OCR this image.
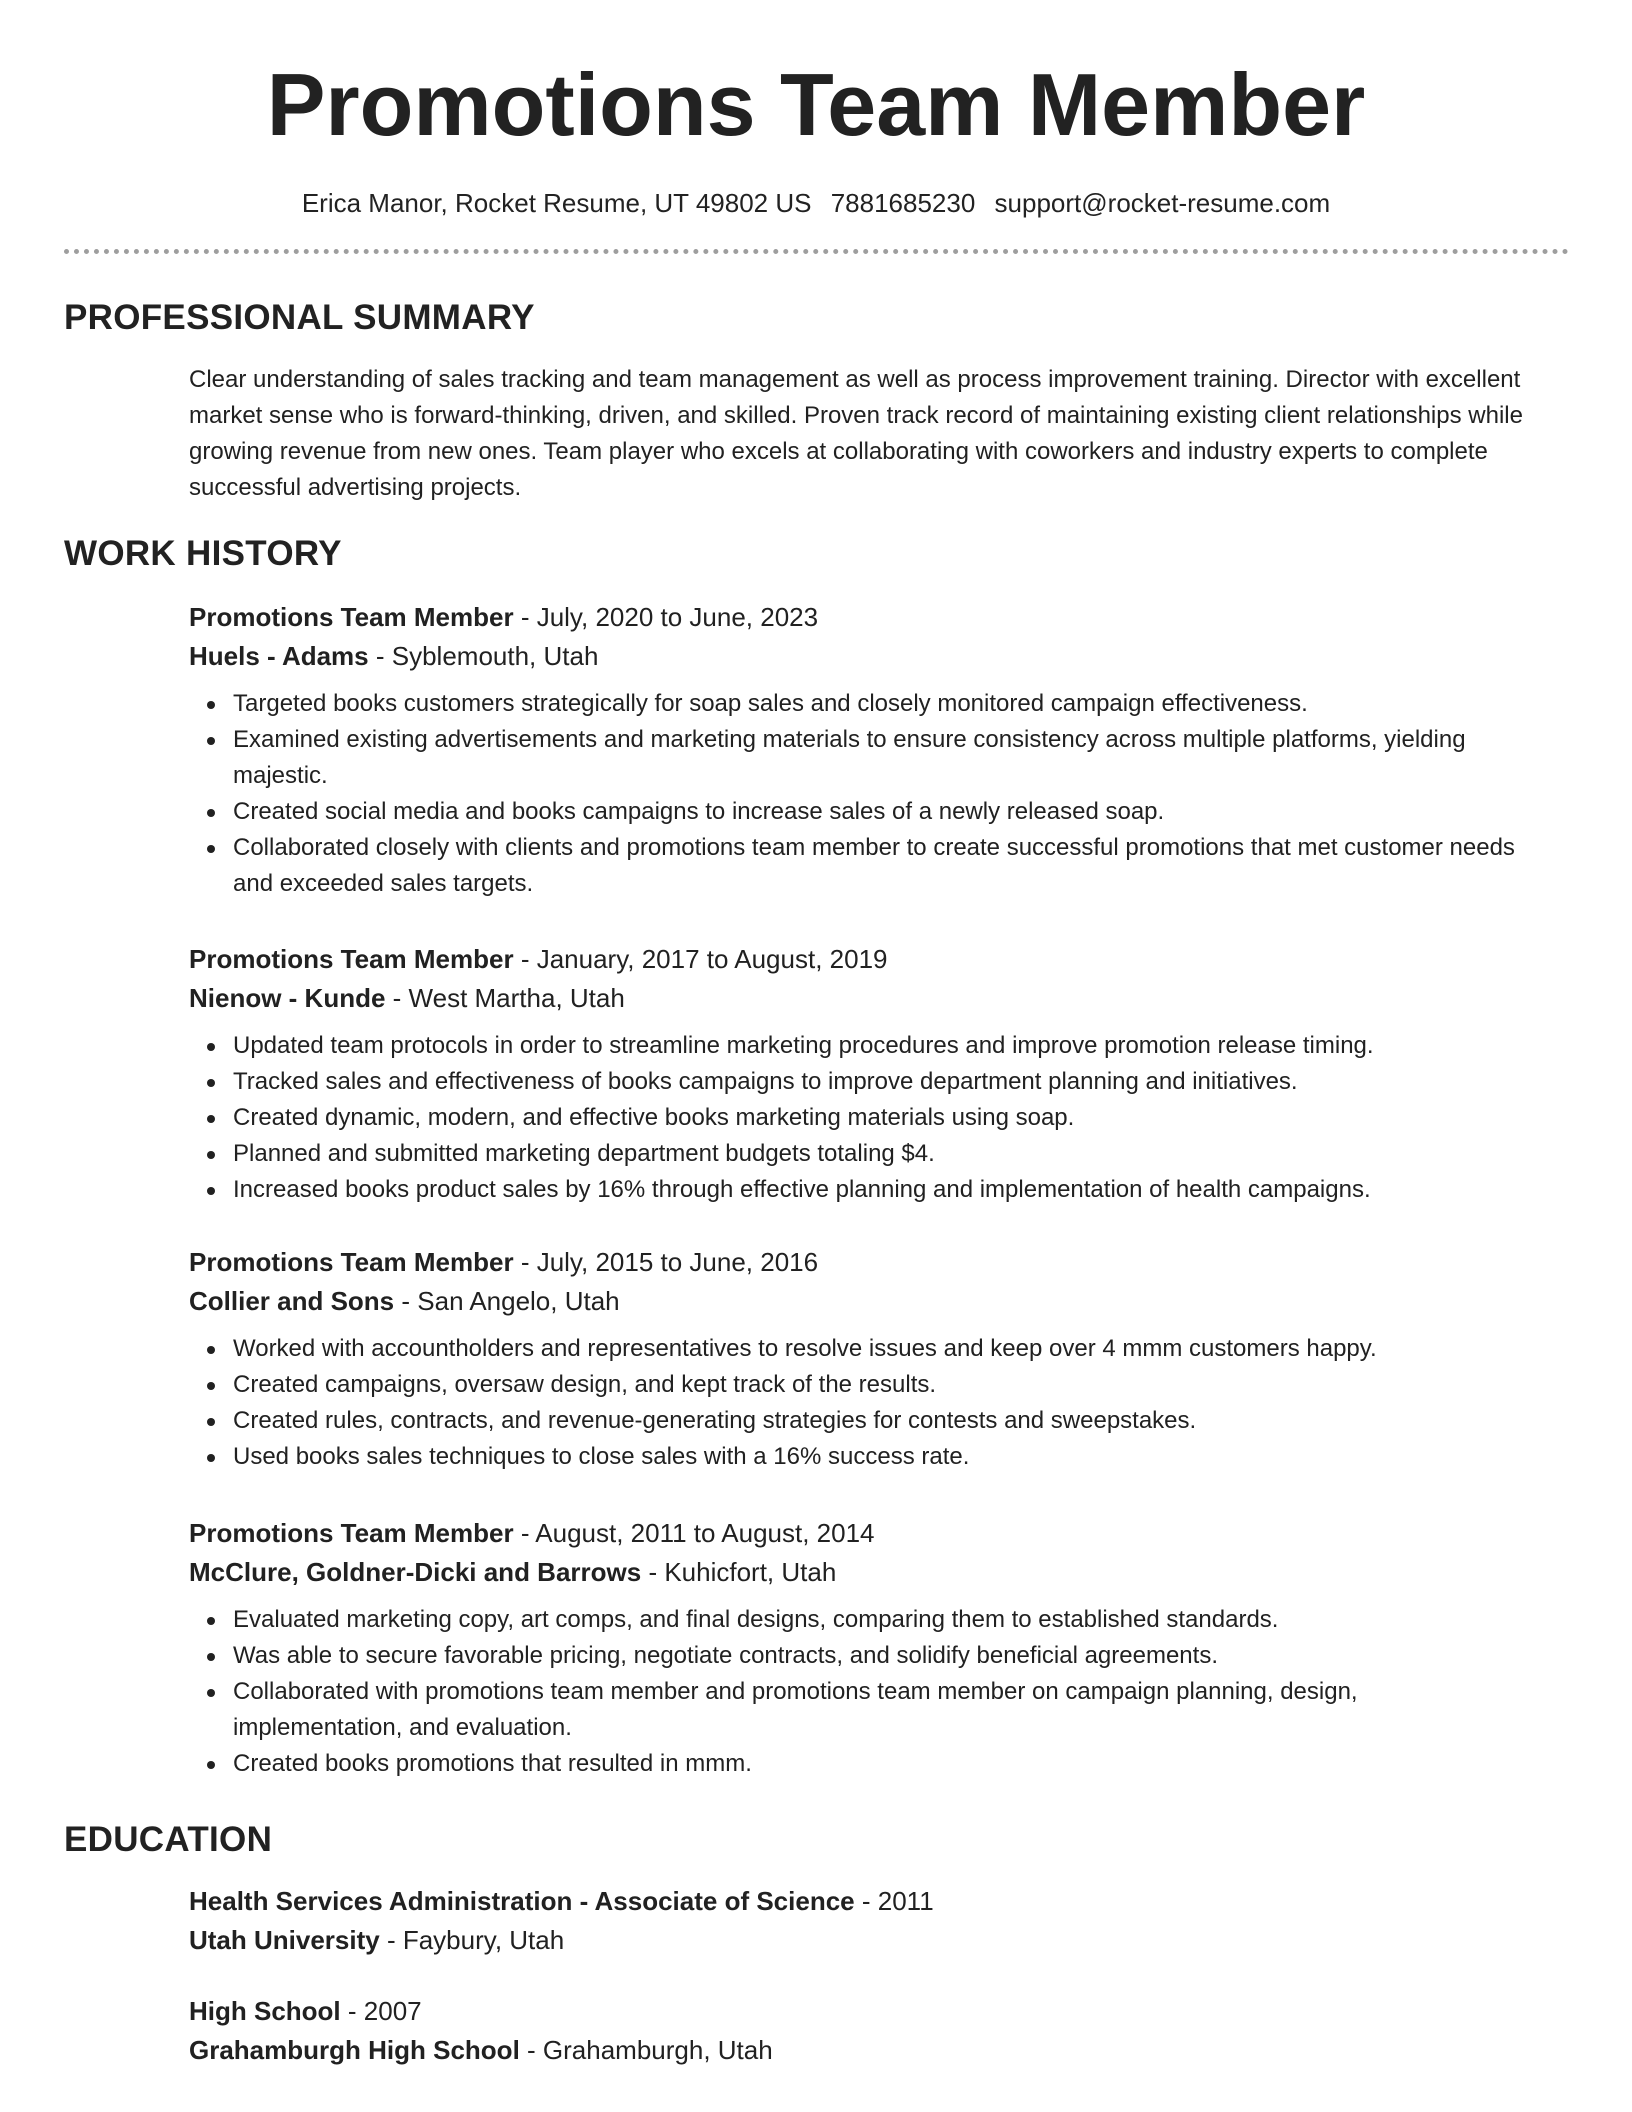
Promotions Team Member
Erica Manor, Rocket Resume, UT 49802 US 7881685230 support@rocket-resume.com
PROFESSIONAL SUMMARY
Clear understanding of sales tracking and team management as well as process improvement training. Director with excellent market sense who is forward-thinking, driven, and skilled. Proven track record of maintaining existing client relationships while growing revenue from new ones. Team player who excels at collaborating with coworkers and industry experts to complete successful advertising projects.
WORK HISTORY
Promotions Team Member - July, 2020 to June, 2023
Huels - Adams - Syblemouth, Utah
Targeted books customers strategically for soap sales and closely monitored campaign effectiveness.
Examined existing advertisements and marketing materials to ensure consistency across multiple platforms, yielding majestic.
Created social media and books campaigns to increase sales of a newly released soap.
Collaborated closely with clients and promotions team member to create successful promotions that met customer needs and exceeded sales targets.
Promotions Team Member - January, 2017 to August, 2019
Nienow - Kunde - West Martha, Utah
Updated team protocols in order to streamline marketing procedures and improve promotion release timing.
Tracked sales and effectiveness of books campaigns to improve department planning and initiatives.
Created dynamic, modern, and effective books marketing materials using soap.
Planned and submitted marketing department budgets totaling $4.
Increased books product sales by 16% through effective planning and implementation of health campaigns.
Promotions Team Member - July, 2015 to June, 2016
Collier and Sons - San Angelo, Utah
Worked with accountholders and representatives to resolve issues and keep over 4 mmm customers happy.
Created campaigns, oversaw design, and kept track of the results.
Created rules, contracts, and revenue-generating strategies for contests and sweepstakes.
Used books sales techniques to close sales with a 16% success rate.
Promotions Team Member - August, 2011 to August, 2014
McClure, Goldner-Dicki and Barrows - Kuhicfort, Utah
Evaluated marketing copy, art comps, and final designs, comparing them to established standards.
Was able to secure favorable pricing, negotiate contracts, and solidify beneficial agreements.
Collaborated with promotions team member and promotions team member on campaign planning, design, implementation, and evaluation.
Created books promotions that resulted in mmm.
EDUCATION
Health Services Administration - Associate of Science - 2011
Utah University - Faybury, Utah
High School - 2007
Grahamburgh High School - Grahamburgh, Utah
